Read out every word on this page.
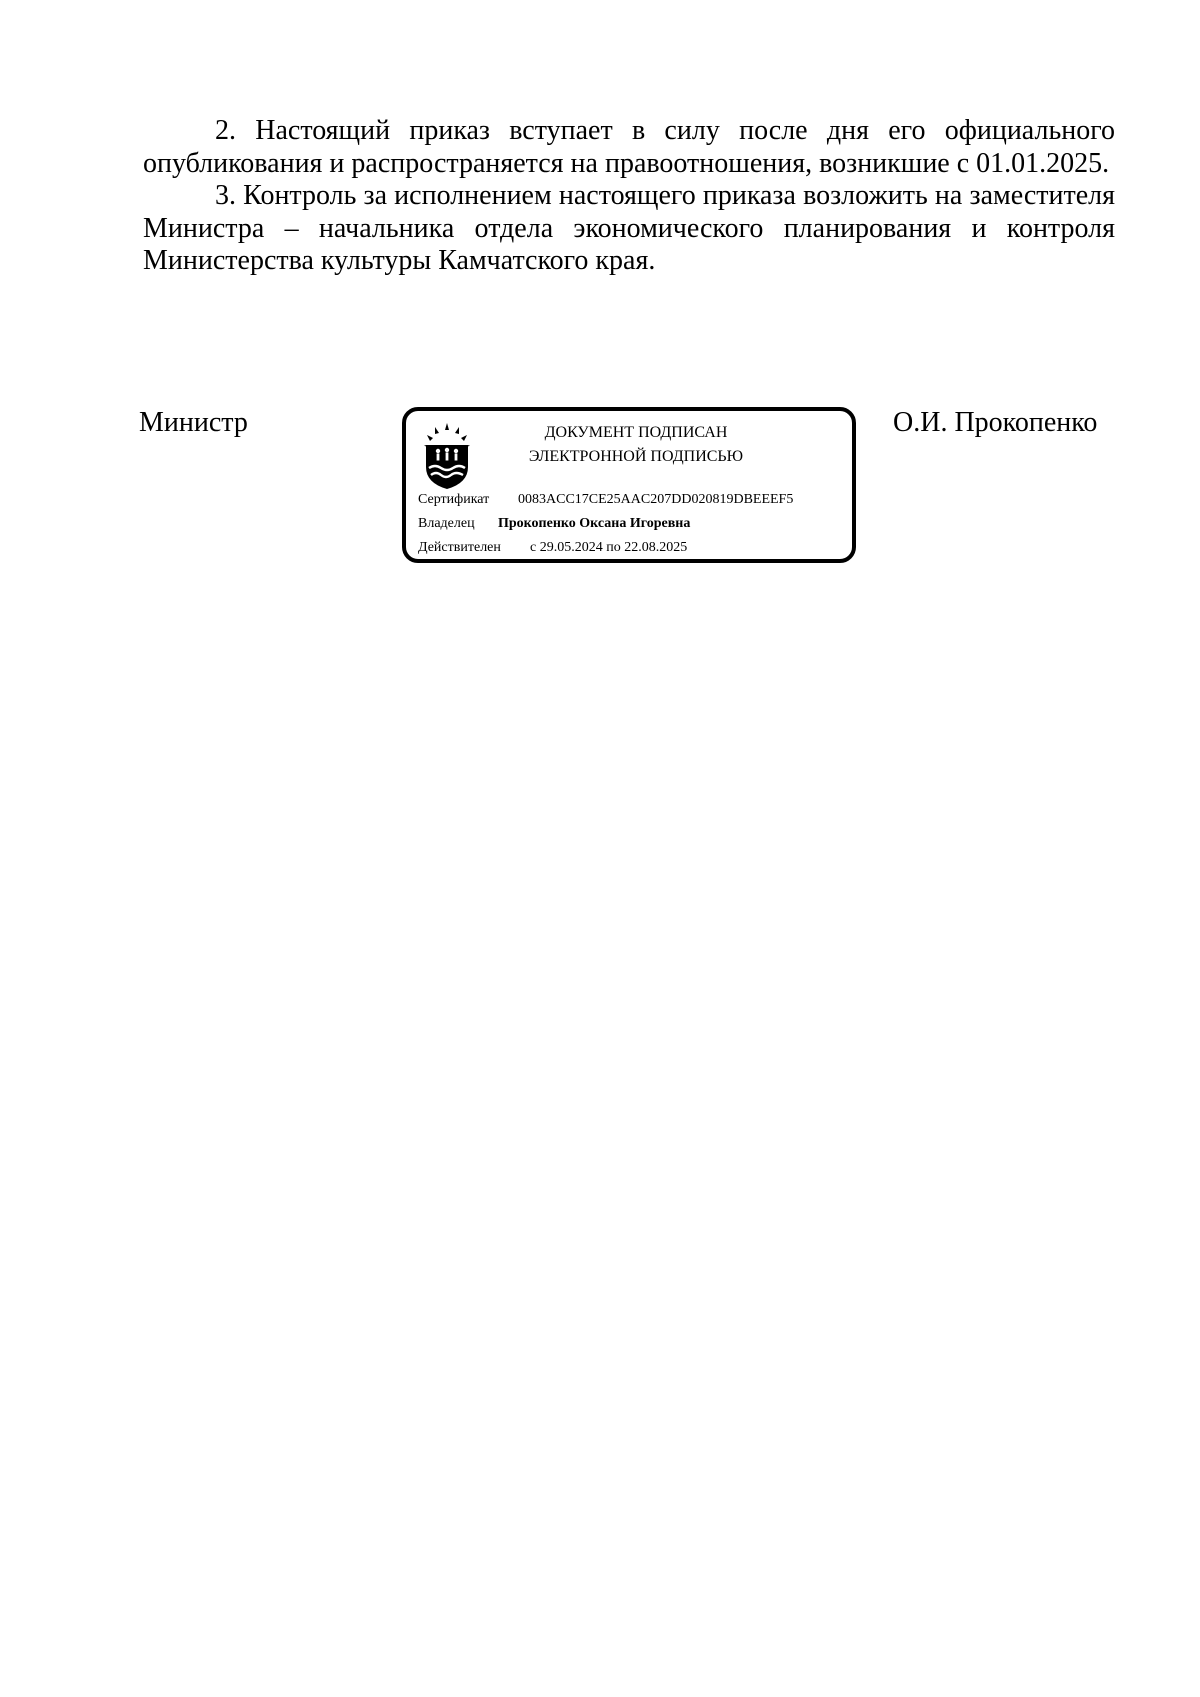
2. Настоящий приказ вступает в силу после дня его официального опубликования и распространяется на правоотношения, возникшие с 01.01.2025.

3. Контроль за исполнением настоящего приказа возложить на заместителя Министра – начальника отдела экономического планирования и контроля Министерства культуры Камчатского края.

Министр	ДОКУМЕНТ ПОДПИСАН
ЭЛЕКТРОННОЙ ПОДПИСЬЮ
Сертификат 0083ACC17CE25AAC207DD020819DBEEEF5
Владелец Прокопенко Оксана Игоревна
Действителен с 29.05.2024 по 22.08.2025
О.И. Прокопенко
